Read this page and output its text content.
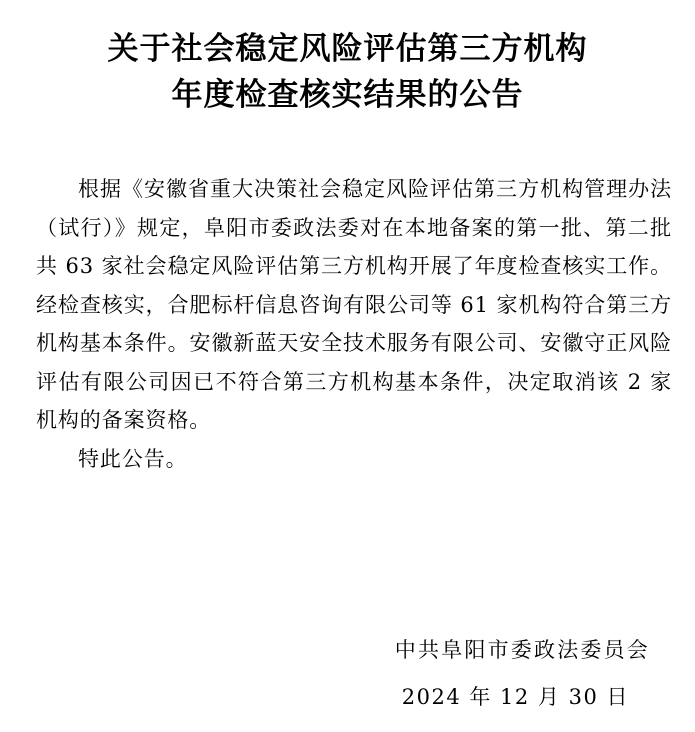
关于社会稳定风险评估第三方机构
年度检查核实结果的公告

根据《安徽省重大决策社会稳定风险评估第三方机构管理办法（试行）》规定，阜阳市委政法委对在本地备案的第一批、第二批共 63 家社会稳定风险评估第三方机构开展了年度检查核实工作。经检查核实，合肥标杆信息咨询有限公司等 61 家机构符合第三方机构基本条件。安徽新蓝天安全技术服务有限公司、安徽守正风险评估有限公司因已不符合第三方机构基本条件，决定取消该 2 家机构的备案资格。

特此公告。

中共阜阳市委政法委员会
2024 年 12 月 30 日
